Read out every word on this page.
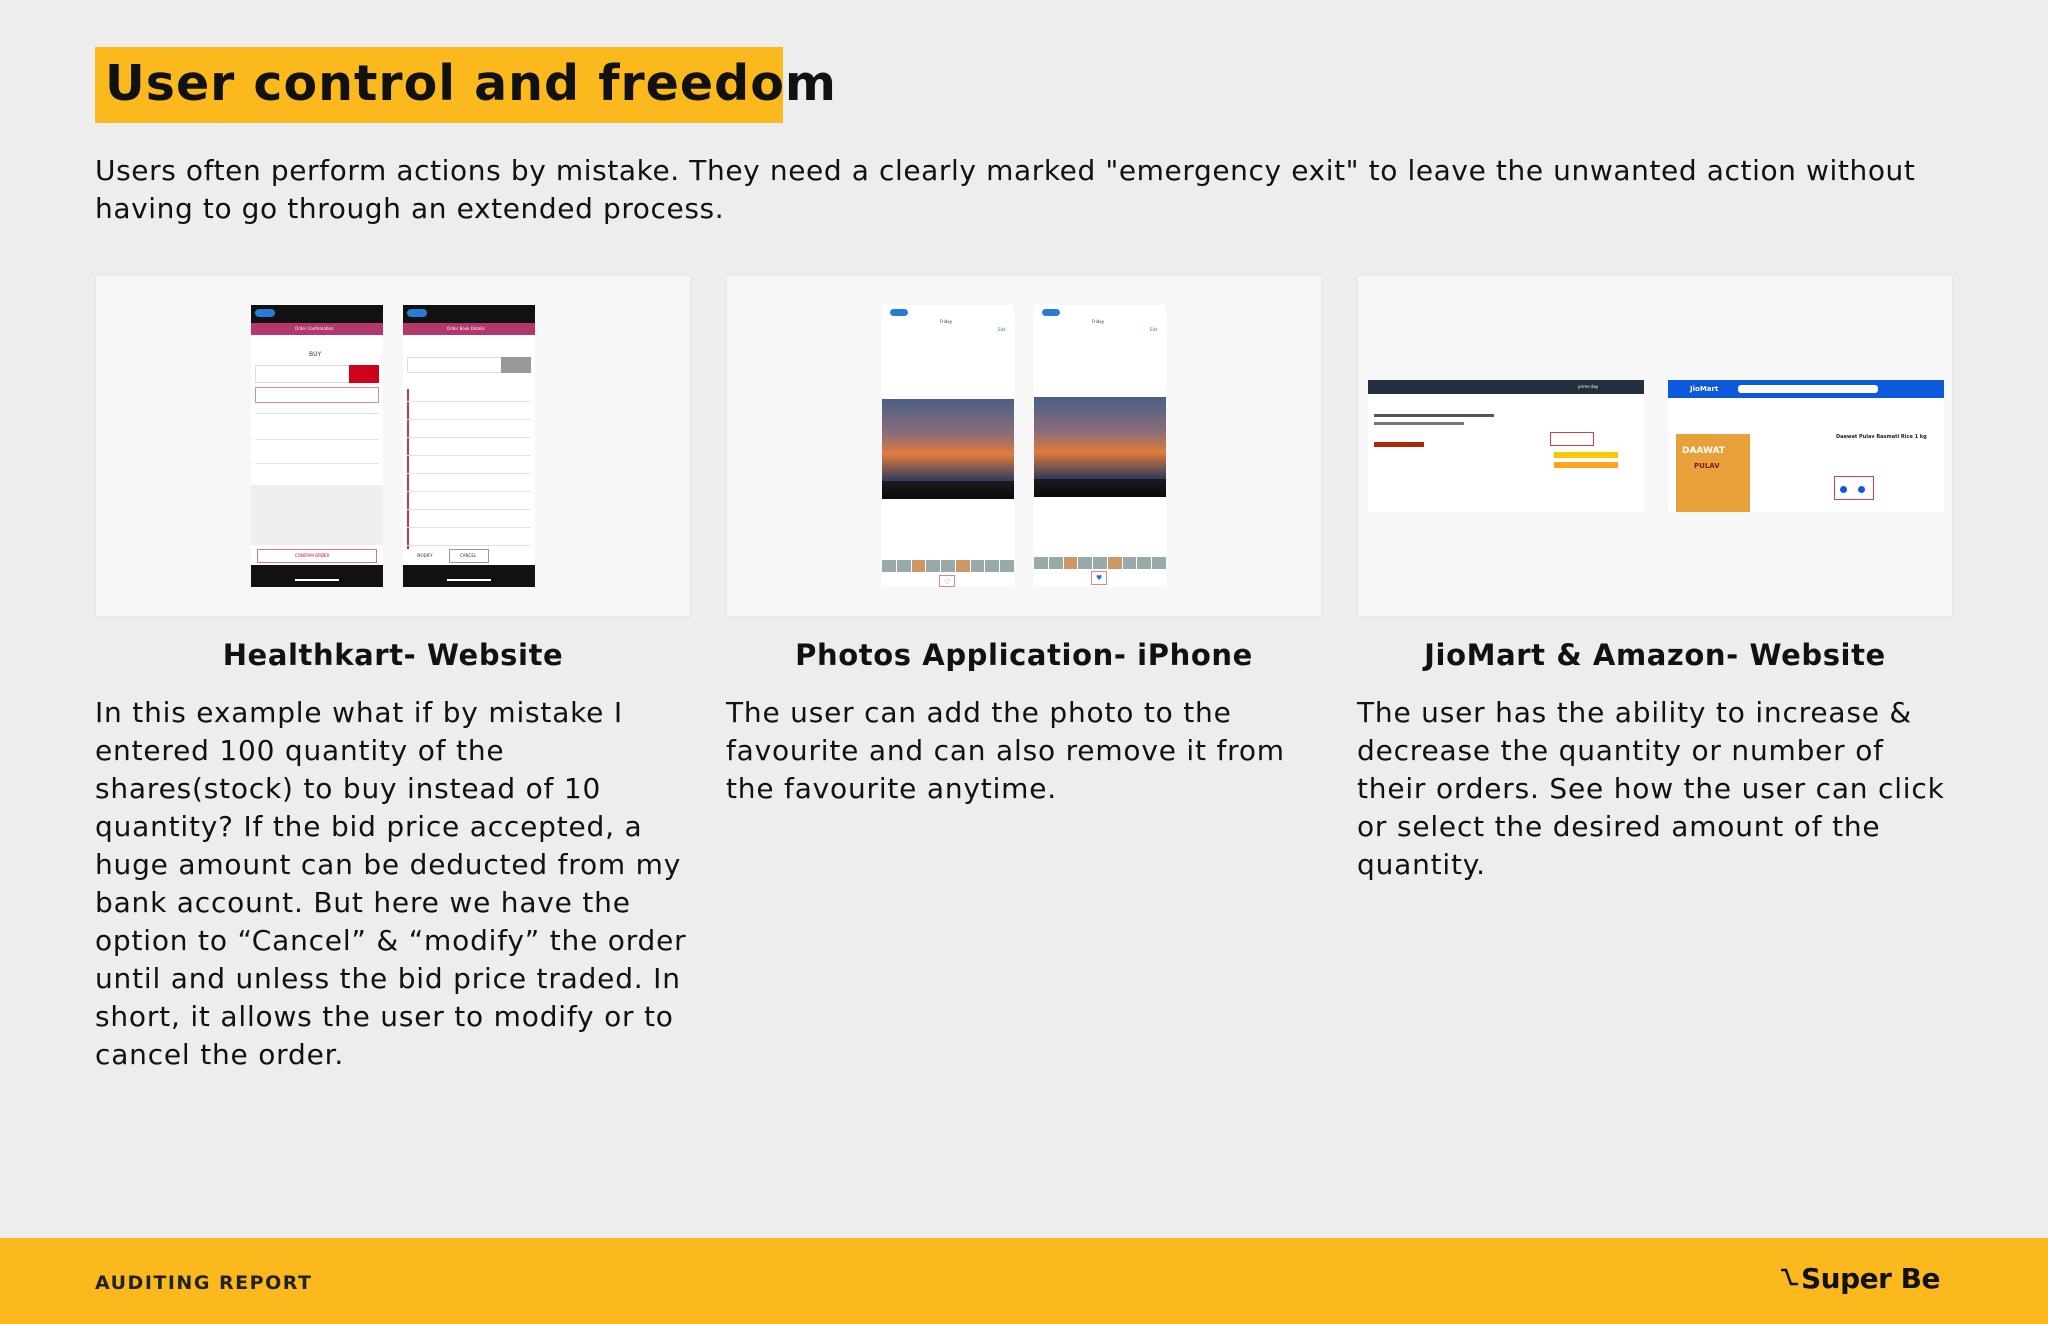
User control and freedom

Users often perform actions by mistake. They need a clearly marked "emergency exit" to leave the unwanted action without having to go through an extended process.

Order Confirmation
BUY
CONFIRM ORDER
Order Book Details
MODIFY	CANCEL
Healthkart- Website

In this example what if by mistake I entered 100 quantity of the shares(stock) to buy instead of 10 quantity? If the bid price accepted, a huge amount can be deducted from my bank account. But here we have the option to “Cancel” & “modify” the order until and unless the bid price traded. In short, it allows the user to modify or to cancel the order.

Friday
Edit
♡
Friday
Edit
♥
Photos Application- iPhone

The user can add the photo to the favourite and can also remove it from the favourite anytime.

prime day	JioMart
DAAWAT
PULAV
Daawat Pulav Basmati Rice 1 kg
JioMart & Amazon- Website

The user has the ability to increase & decrease the quantity or number of their orders. See how the user can click or select the desired amount of the quantity.

AUDITING REPORT	Super Be
